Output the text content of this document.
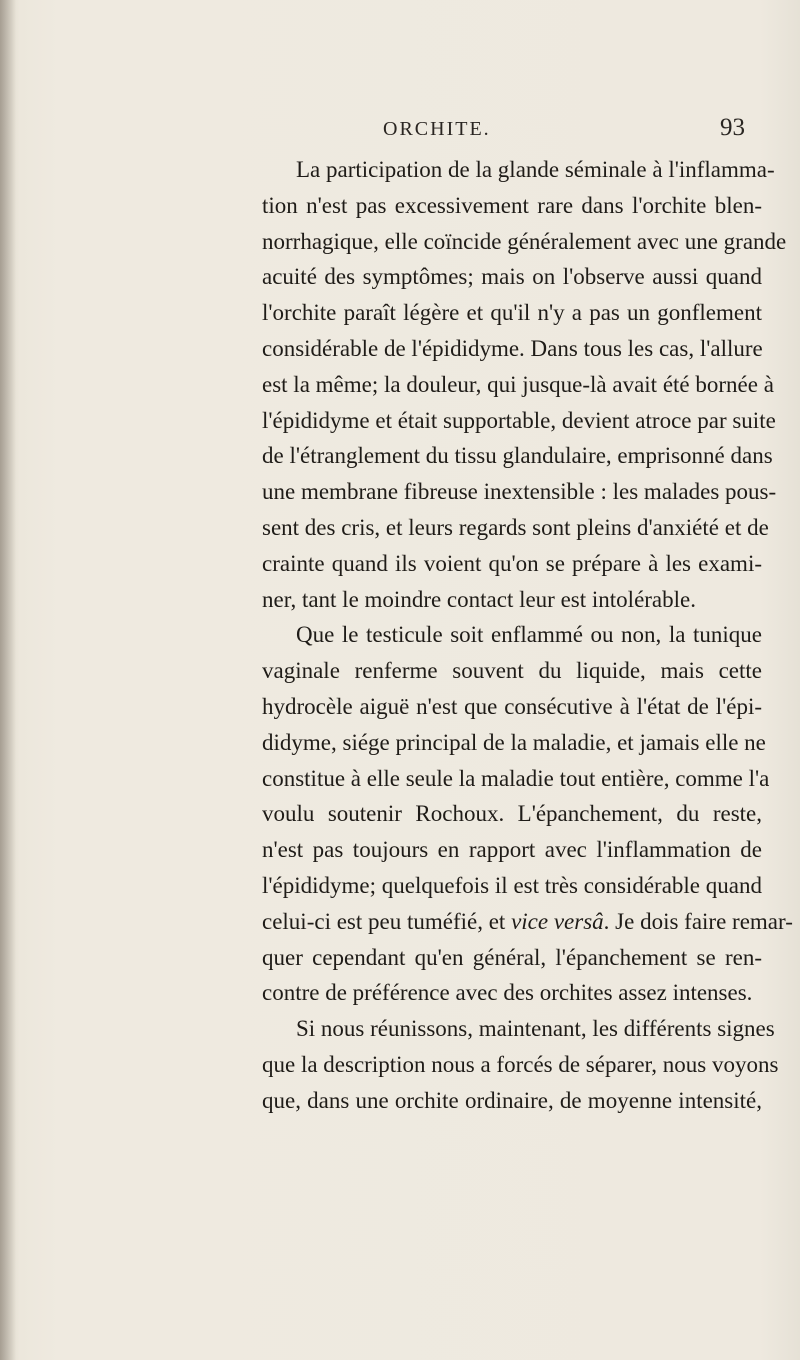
ORCHITE.	93
La participation de la glande séminale à l'inflamma-
tion n'est pas excessivement rare dans l'orchite blen-
norrhagique, elle coïncide généralement avec une grande
acuité des symptômes; mais on l'observe aussi quand
l'orchite paraît légère et qu'il n'y a pas un gonflement
considérable de l'épididyme. Dans tous les cas, l'allure
est la même; la douleur, qui jusque-là avait été bornée à
l'épididyme et était supportable, devient atroce par suite
de l'étranglement du tissu glandulaire, emprisonné dans
une membrane fibreuse inextensible : les malades pous-
sent des cris, et leurs regards sont pleins d'anxiété et de
crainte quand ils voient qu'on se prépare à les exami-
ner, tant le moindre contact leur est intolérable.
Que le testicule soit enflammé ou non, la tunique
vaginale renferme souvent du liquide, mais cette
hydrocèle aiguë n'est que consécutive à l'état de l'épi-
didyme, siége principal de la maladie, et jamais elle ne
constitue à elle seule la maladie tout entière, comme l'a
voulu soutenir Rochoux. L'épanchement, du reste,
n'est pas toujours en rapport avec l'inflammation de
l'épididyme; quelquefois il est très considérable quand
celui-ci est peu tuméfié, et vice versâ. Je dois faire remar-
quer cependant qu'en général, l'épanchement se ren-
contre de préférence avec des orchites assez intenses.
Si nous réunissons, maintenant, les différents signes
que la description nous a forcés de séparer, nous voyons
que, dans une orchite ordinaire, de moyenne intensité,
